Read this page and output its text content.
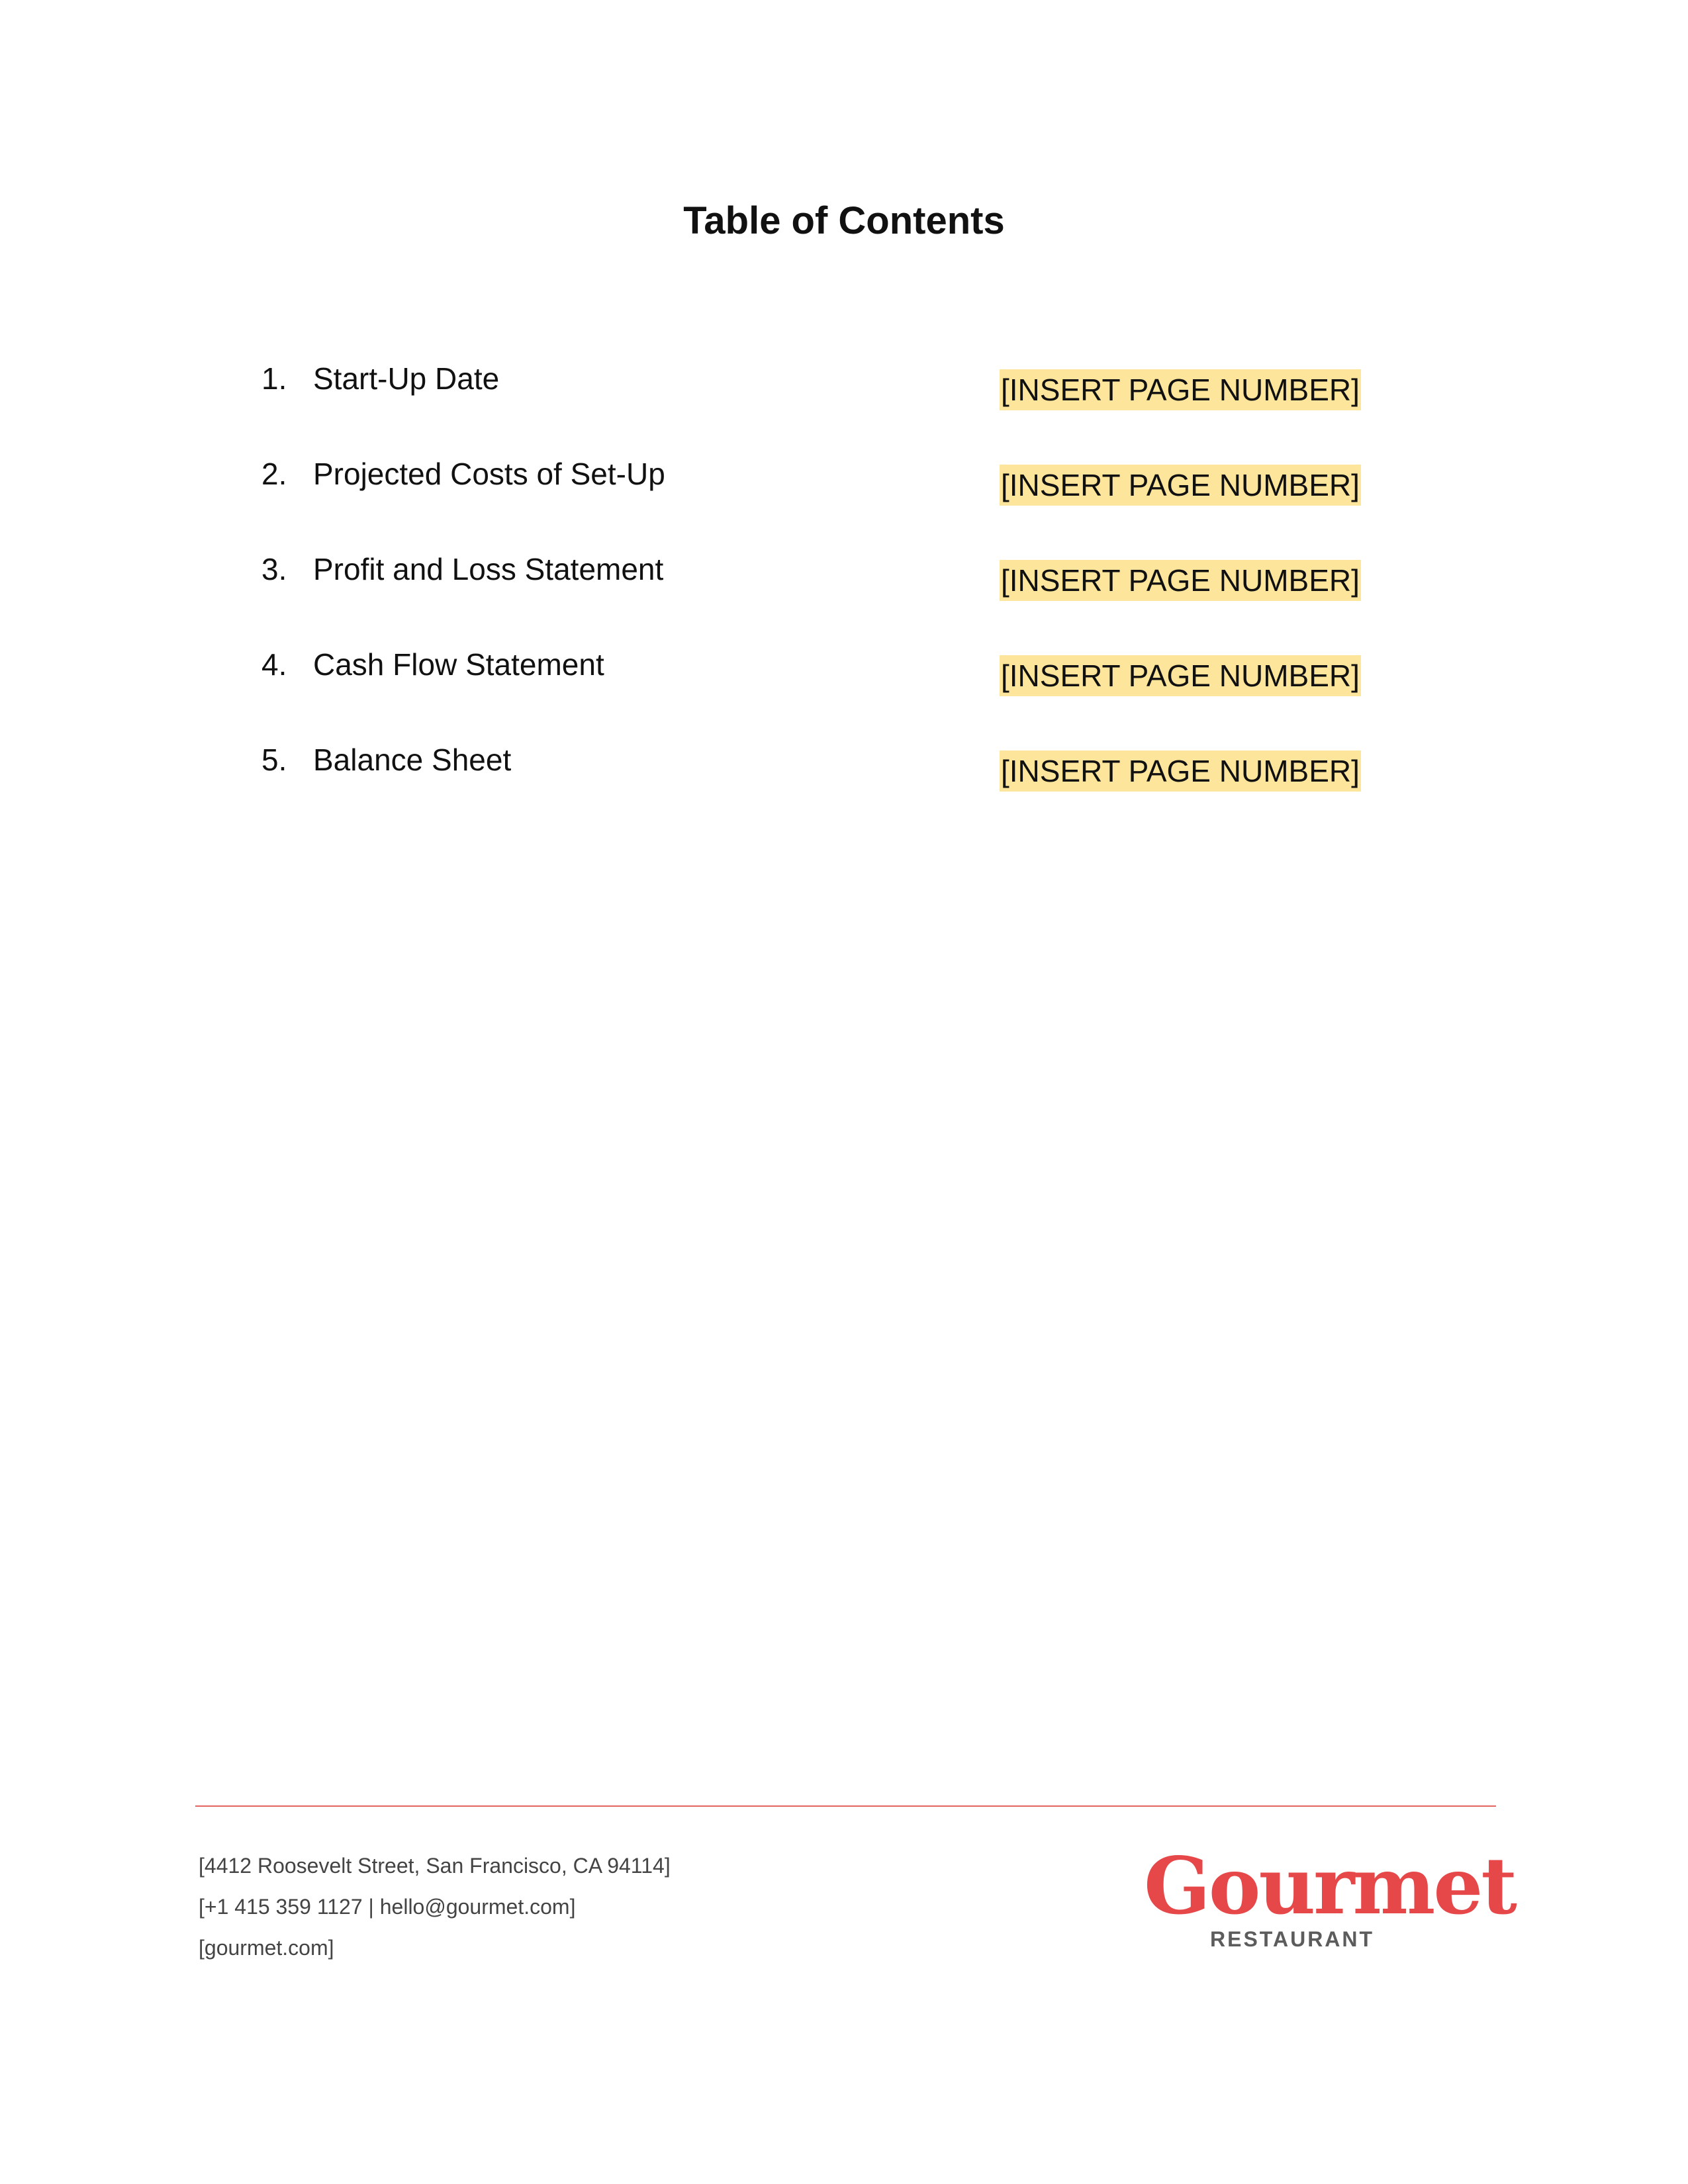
Table of Contents
1. Start-Up Date	[INSERT PAGE NUMBER]
2. Projected Costs of Set-Up	[INSERT PAGE NUMBER]
3. Profit and Loss Statement	[INSERT PAGE NUMBER]
4. Cash Flow Statement	[INSERT PAGE NUMBER]
5. Balance Sheet	[INSERT PAGE NUMBER]
[4412 Roosevelt Street, San Francisco, CA 94114]
[+1 415 359 1127 | hello@gourmet.com]
[gourmet.com]
Gourmet
RESTAURANT
